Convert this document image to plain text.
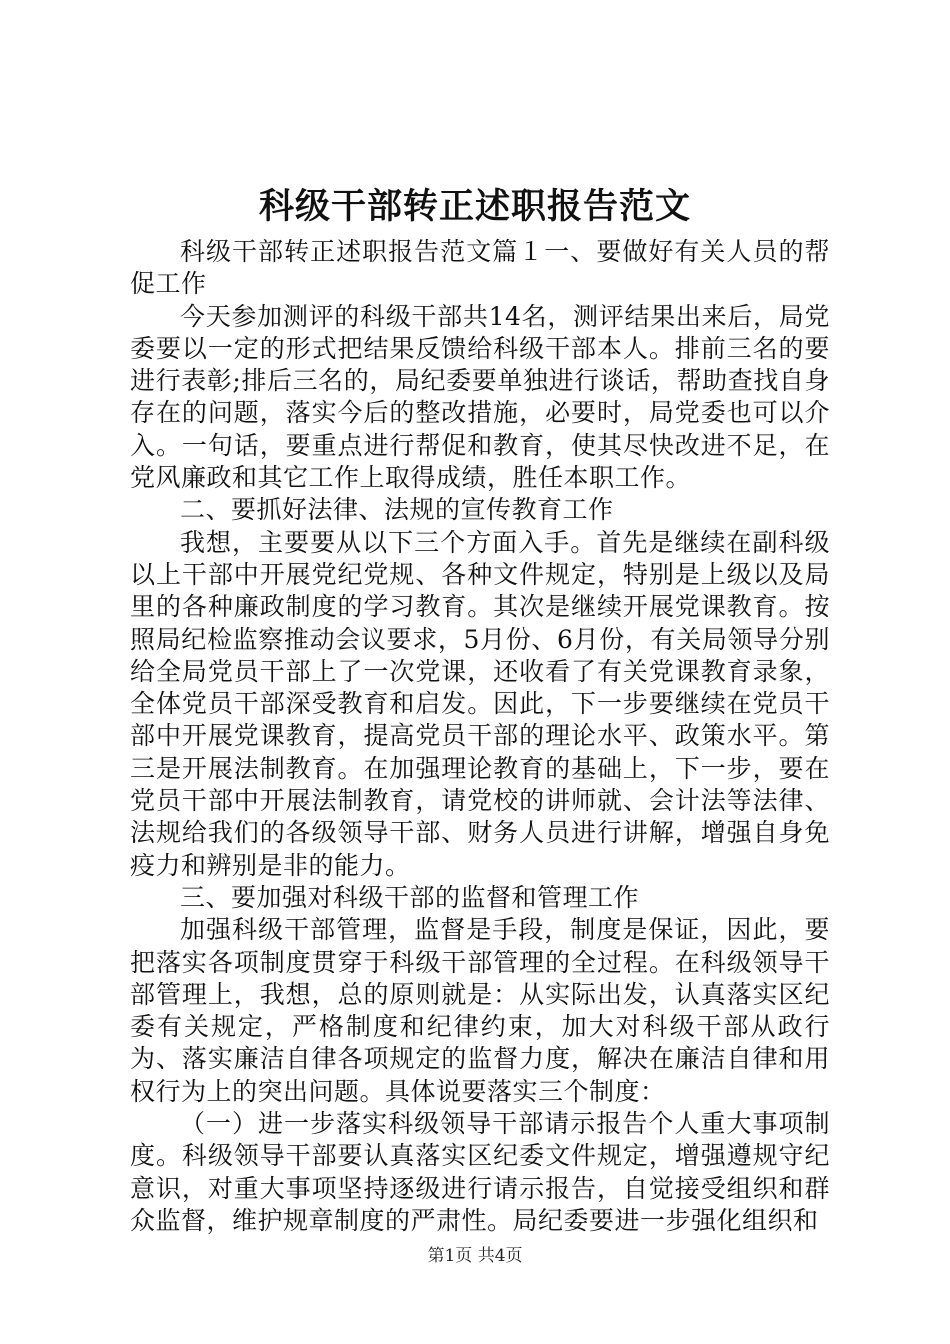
科级干部转正述职报告范文

科级干部转正述职报告范文篇１一、要做好有关人员的帮促工作

今天参加测评的科级干部共14名，测评结果出来后，局党委要以一定的形式把结果反馈给科级干部本人。排前三名的要进行表彰;排后三名的，局纪委要单独进行谈话，帮助查找自身存在的问题，落实今后的整改措施，必要时，局党委也可以介入。一句话，要重点进行帮促和教育，使其尽快改进不足，在党风廉政和其它工作上取得成绩，胜任本职工作。

二、要抓好法律、法规的宣传教育工作

我想，主要要从以下三个方面入手。首先是继续在副科级以上干部中开展党纪党规、各种文件规定，特别是上级以及局里的各种廉政制度的学习教育。其次是继续开展党课教育。按照局纪检监察推动会议要求，5月份、6月份，有关局领导分别给全局党员干部上了一次党课，还收看了有关党课教育录象，全体党员干部深受教育和启发。因此，下一步要继续在党员干部中开展党课教育，提高党员干部的理论水平、政策水平。第三是开展法制教育。在加强理论教育的基础上，下一步，要在党员干部中开展法制教育，请党校的讲师就、会计法等法律、法规给我们的各级领导干部、财务人员进行讲解，增强自身免疫力和辨别是非的能力。

三、要加强对科级干部的监督和管理工作

加强科级干部管理，监督是手段，制度是保证，因此，要把落实各项制度贯穿于科级干部管理的全过程。在科级领导干部管理上，我想，总的原则就是：从实际出发，认真落实区纪委有关规定，严格制度和纪律约束，加大对科级干部从政行为、落实廉洁自律各项规定的监督力度，解决在廉洁自律和用权行为上的突出问题。具体说要落实三个制度：

（一）进一步落实科级领导干部请示报告个人重大事项制度。科级领导干部要认真落实区纪委文件规定，增强遵规守纪意识，对重大事项坚持逐级进行请示报告，自觉接受组织和群众监督，维护规章制度的严肃性。局纪委要进一步强化组织和

第1页 共4页
